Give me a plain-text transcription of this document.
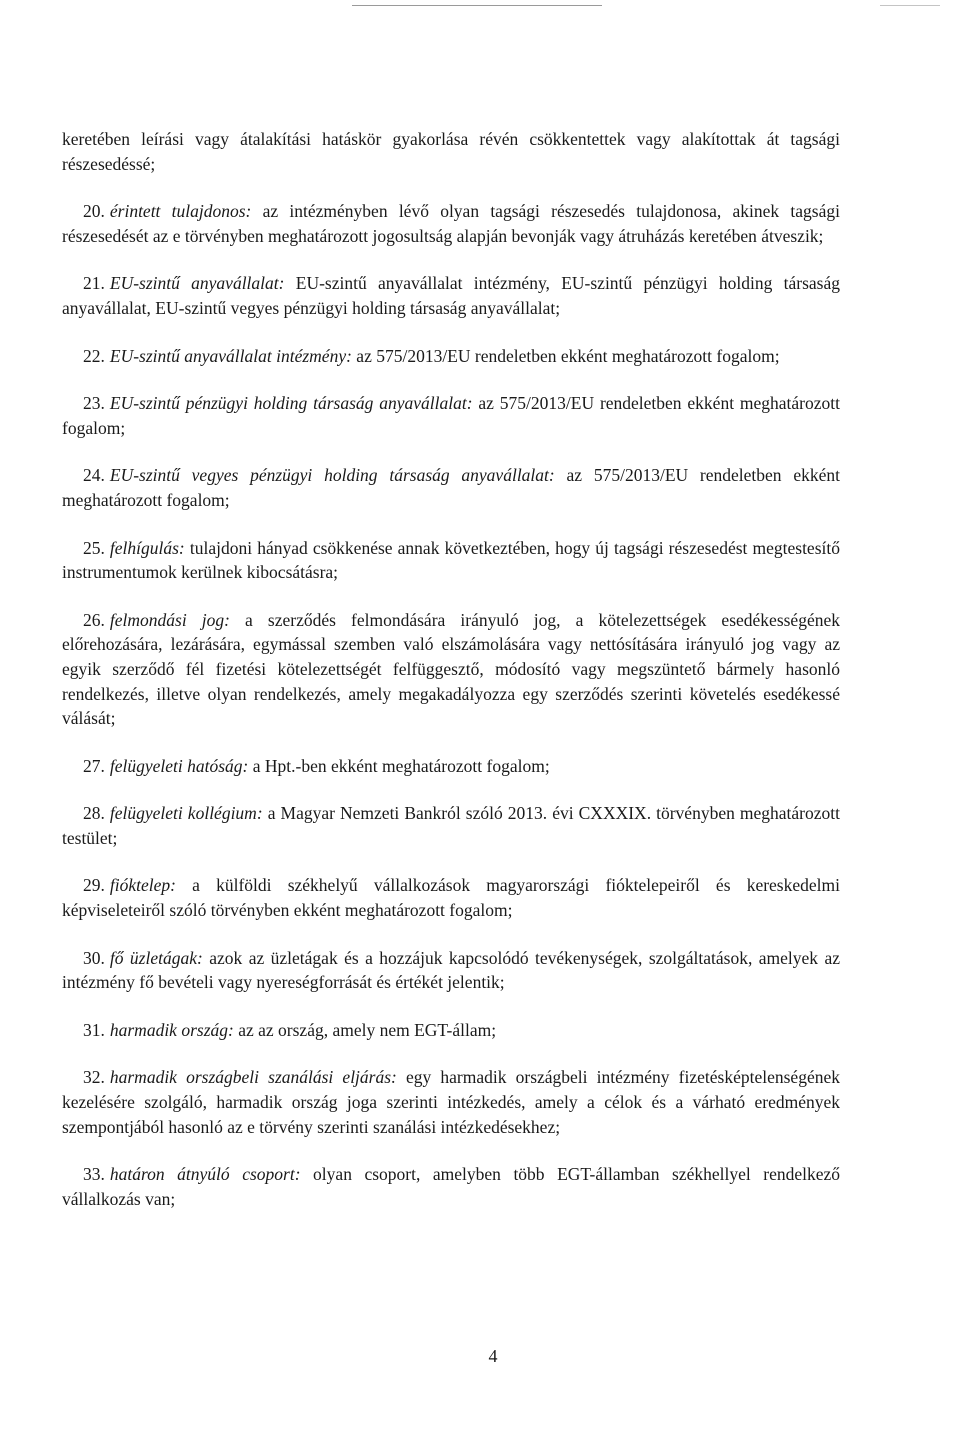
keretében leírási vagy átalakítási hatáskör gyakorlása révén csökkentettek vagy alakítottak át tagsági részesedéssé;

20. érintett tulajdonos: az intézményben lévő olyan tagsági részesedés tulajdonosa, akinek tagsági részesedését az e törvényben meghatározott jogosultság alapján bevonják vagy átruházás keretében átveszik;

21. EU-szintű anyavállalat: EU-szintű anyavállalat intézmény, EU-szintű pénzügyi holding társaság anyavállalat, EU-szintű vegyes pénzügyi holding társaság anyavállalat;

22. EU-szintű anyavállalat intézmény: az 575/2013/EU rendeletben ekként meghatározott fogalom;

23. EU-szintű pénzügyi holding társaság anyavállalat: az 575/2013/EU rendeletben ekként meghatározott fogalom;

24. EU-szintű vegyes pénzügyi holding társaság anyavállalat: az 575/2013/EU rendeletben ekként meghatározott fogalom;

25. felhígulás: tulajdoni hányad csökkenése annak következtében, hogy új tagsági részesedést megtestesítő instrumentumok kerülnek kibocsátásra;

26. felmondási jog: a szerződés felmondására irányuló jog, a kötelezettségek esedékességének előrehozására, lezárására, egymással szemben való elszámolására vagy nettósítására irányuló jog vagy az egyik szerződő fél fizetési kötelezettségét felfüggesztő, módosító vagy megszüntető bármely hasonló rendelkezés, illetve olyan rendelkezés, amely megakadályozza egy szerződés szerinti követelés esedékessé válását;

27. felügyeleti hatóság: a Hpt.-ben ekként meghatározott fogalom;

28. felügyeleti kollégium: a Magyar Nemzeti Bankról szóló 2013. évi CXXXIX. törvényben meghatározott testület;

29. fióktelep: a külföldi székhelyű vállalkozások magyarországi fióktelepeiről és kereskedelmi képviseleteiről szóló törvényben ekként meghatározott fogalom;

30. fő üzletágak: azok az üzletágak és a hozzájuk kapcsolódó tevékenységek, szolgáltatások, amelyek az intézmény fő bevételi vagy nyereségforrását és értékét jelentik;

31. harmadik ország: az az ország, amely nem EGT-állam;

32. harmadik országbeli szanálási eljárás: egy harmadik országbeli intézmény fizetésképtelenségének kezelésére szolgáló, harmadik ország joga szerinti intézkedés, amely a célok és a várható eredmények szempontjából hasonló az e törvény szerinti szanálási intézkedésekhez;

33. határon átnyúló csoport: olyan csoport, amelyben több EGT-államban székhellyel rendelkező vállalkozás van;

4
